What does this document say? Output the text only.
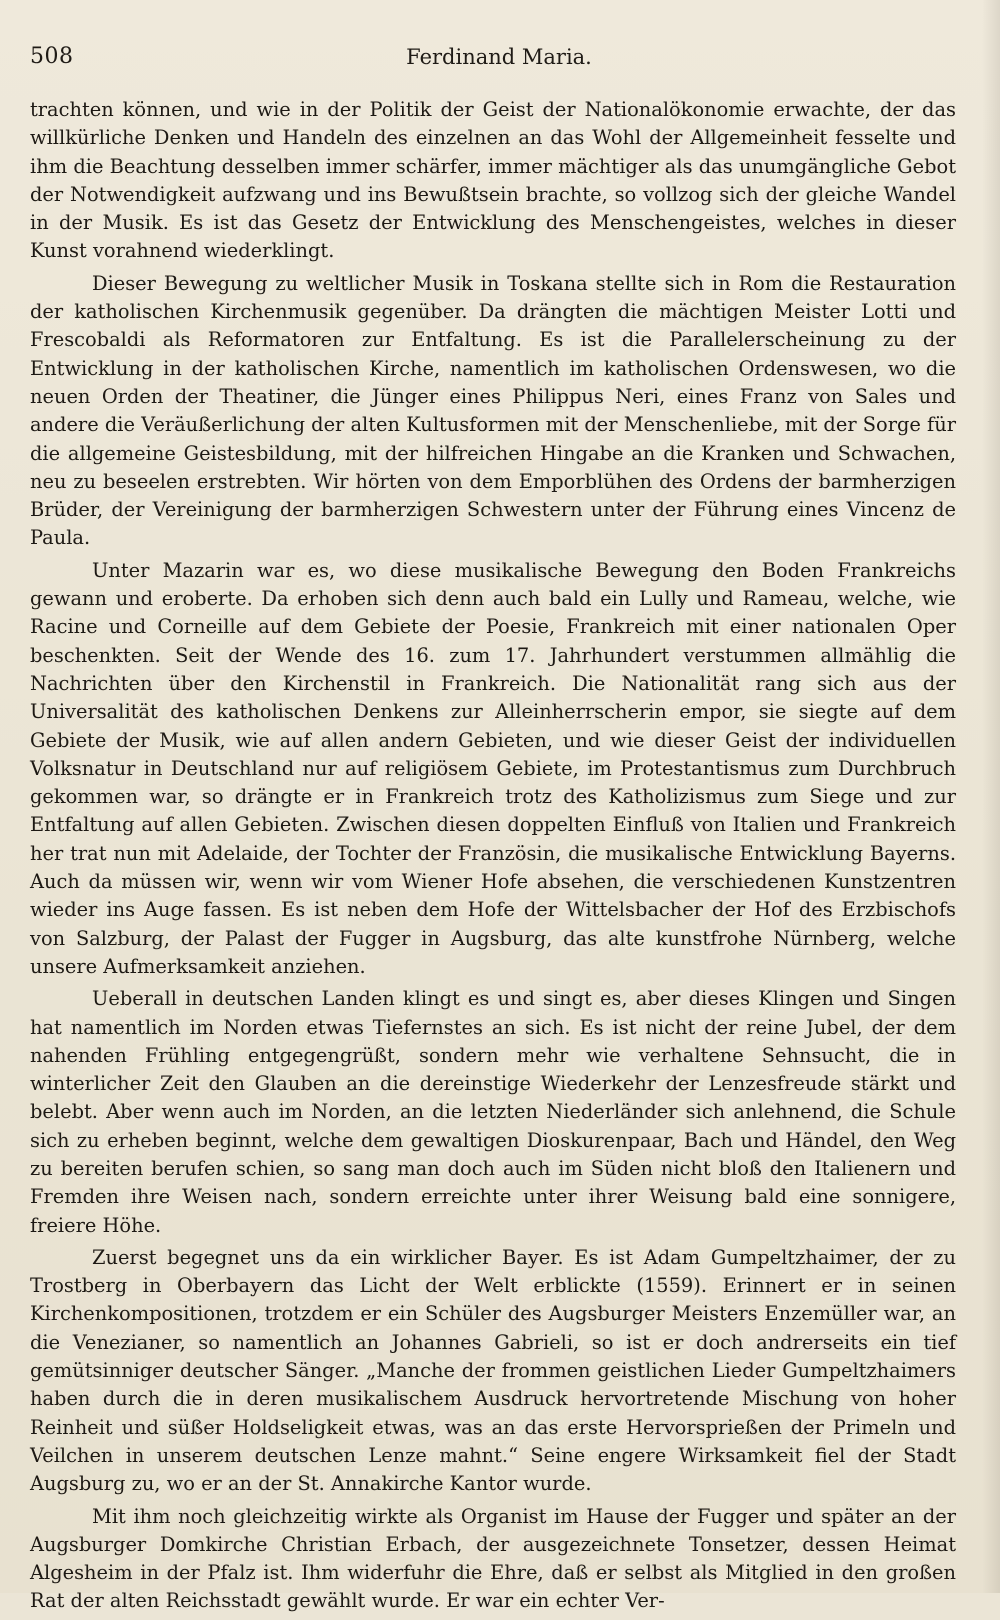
508	Ferdinand Maria.

trachten können, und wie in der Politik der Geist der Nationalökonomie erwachte, der das willkürliche Denken und Handeln des einzelnen an das Wohl der Allgemeinheit fesselte und ihm die Beachtung desselben immer schärfer, immer mächtiger als das unumgängliche Gebot der Notwendigkeit aufzwang und ins Bewußtsein brachte, so vollzog sich der gleiche Wandel in der Musik. Es ist das Gesetz der Entwicklung des Menschengeistes, welches in dieser Kunst vorahnend wiederklingt.

Dieser Bewegung zu weltlicher Musik in Toskana stellte sich in Rom die Restauration der katholischen Kirchenmusik gegenüber. Da drängten die mächtigen Meister Lotti und Frescobaldi als Reformatoren zur Entfaltung. Es ist die Parallelerscheinung zu der Entwicklung in der katholischen Kirche, namentlich im katholischen Ordenswesen, wo die neuen Orden der Theatiner, die Jünger eines Philippus Neri, eines Franz von Sales und andere die Veräußerlichung der alten Kultusformen mit der Menschenliebe, mit der Sorge für die allgemeine Geistesbildung, mit der hilfreichen Hingabe an die Kranken und Schwachen, neu zu beseelen erstrebten. Wir hörten von dem Emporblühen des Ordens der barmherzigen Brüder, der Vereinigung der barmherzigen Schwestern unter der Führung eines Vincenz de Paula.

Unter Mazarin war es, wo diese musikalische Bewegung den Boden Frankreichs gewann und eroberte. Da erhoben sich denn auch bald ein Lully und Rameau, welche, wie Racine und Corneille auf dem Gebiete der Poesie, Frankreich mit einer nationalen Oper beschenkten. Seit der Wende des 16. zum 17. Jahrhundert verstummen allmählig die Nachrichten über den Kirchenstil in Frankreich. Die Nationalität rang sich aus der Universalität des katholischen Denkens zur Alleinherrscherin empor, sie siegte auf dem Gebiete der Musik, wie auf allen andern Gebieten, und wie dieser Geist der individuellen Volksnatur in Deutschland nur auf religiösem Gebiete, im Protestantismus zum Durchbruch gekommen war, so drängte er in Frankreich trotz des Katholizismus zum Siege und zur Entfaltung auf allen Gebieten. Zwischen diesen doppelten Einfluß von Italien und Frankreich her trat nun mit Adelaide, der Tochter der Französin, die musikalische Entwicklung Bayerns. Auch da müssen wir, wenn wir vom Wiener Hofe absehen, die verschiedenen Kunstzentren wieder ins Auge fassen. Es ist neben dem Hofe der Wittelsbacher der Hof des Erzbischofs von Salzburg, der Palast der Fugger in Augsburg, das alte kunstfrohe Nürnberg, welche unsere Aufmerksamkeit anziehen.

Ueberall in deutschen Landen klingt es und singt es, aber dieses Klingen und Singen hat namentlich im Norden etwas Tiefernstes an sich. Es ist nicht der reine Jubel, der dem nahenden Frühling entgegengrüßt, sondern mehr wie verhaltene Sehnsucht, die in winterlicher Zeit den Glauben an die dereinstige Wiederkehr der Lenzesfreude stärkt und belebt. Aber wenn auch im Norden, an die letzten Niederländer sich anlehnend, die Schule sich zu erheben beginnt, welche dem gewaltigen Dioskurenpaar, Bach und Händel, den Weg zu bereiten berufen schien, so sang man doch auch im Süden nicht bloß den Italienern und Fremden ihre Weisen nach, sondern erreichte unter ihrer Weisung bald eine sonnigere, freiere Höhe.

Zuerst begegnet uns da ein wirklicher Bayer. Es ist Adam Gumpeltzhaimer, der zu Trostberg in Oberbayern das Licht der Welt erblickte (1559). Erinnert er in seinen Kirchenkompositionen, trotzdem er ein Schüler des Augsburger Meisters Enzemüller war, an die Venezianer, so namentlich an Johannes Gabrieli, so ist er doch andrerseits ein tief gemütsinniger deutscher Sänger. „Manche der frommen geistlichen Lieder Gumpeltzhaimers haben durch die in deren musikalischem Ausdruck hervortretende Mischung von hoher Reinheit und süßer Holdseligkeit etwas, was an das erste Hervorsprießen der Primeln und Veilchen in unserem deutschen Lenze mahnt.“ Seine engere Wirksamkeit fiel der Stadt Augsburg zu, wo er an der St. Annakirche Kantor wurde.

Mit ihm noch gleichzeitig wirkte als Organist im Hause der Fugger und später an der Augsburger Domkirche Christian Erbach, der ausgezeichnete Tonsetzer, dessen Heimat Algesheim in der Pfalz ist. Ihm widerfuhr die Ehre, daß er selbst als Mitglied in den großen Rat der alten Reichsstadt gewählt wurde. Er war ein echter Ver-
